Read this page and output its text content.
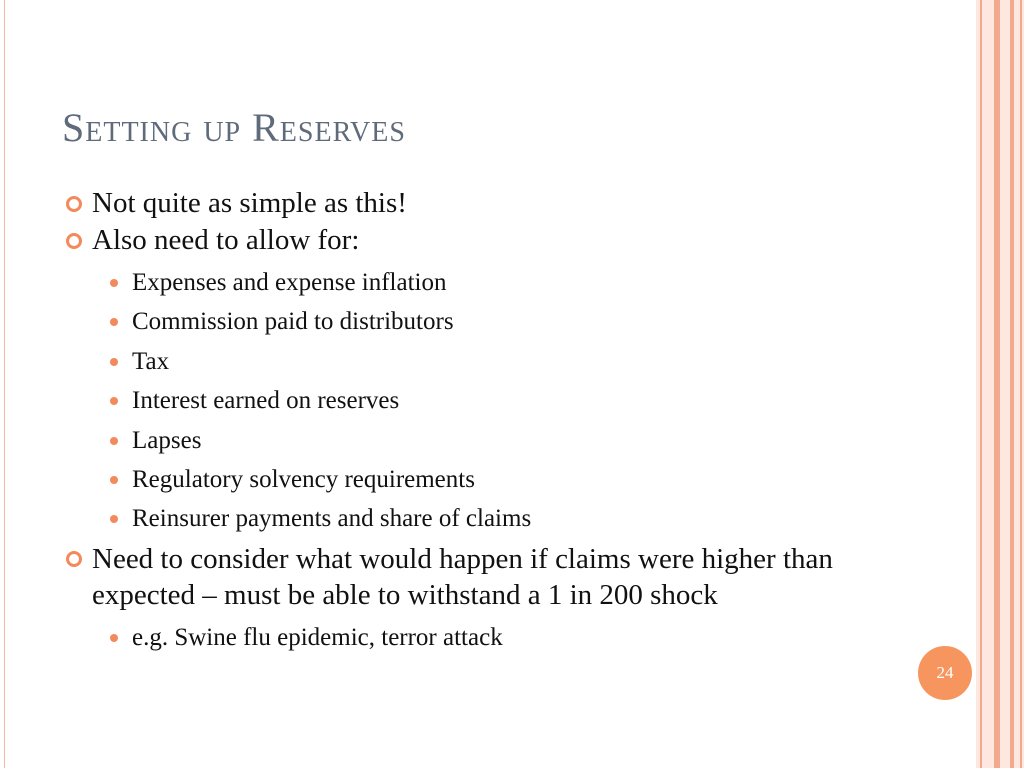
Setting up Reserves
Not quite as simple as this!
Also need to allow for:
Expenses and expense inflation
Commission paid to distributors
Tax
Interest earned on reserves
Lapses
Regulatory solvency requirements
Reinsurer payments and share of claims
Need to consider what would happen if claims were higher than expected – must be able to withstand a 1 in 200 shock
e.g. Swine flu epidemic, terror attack
24
